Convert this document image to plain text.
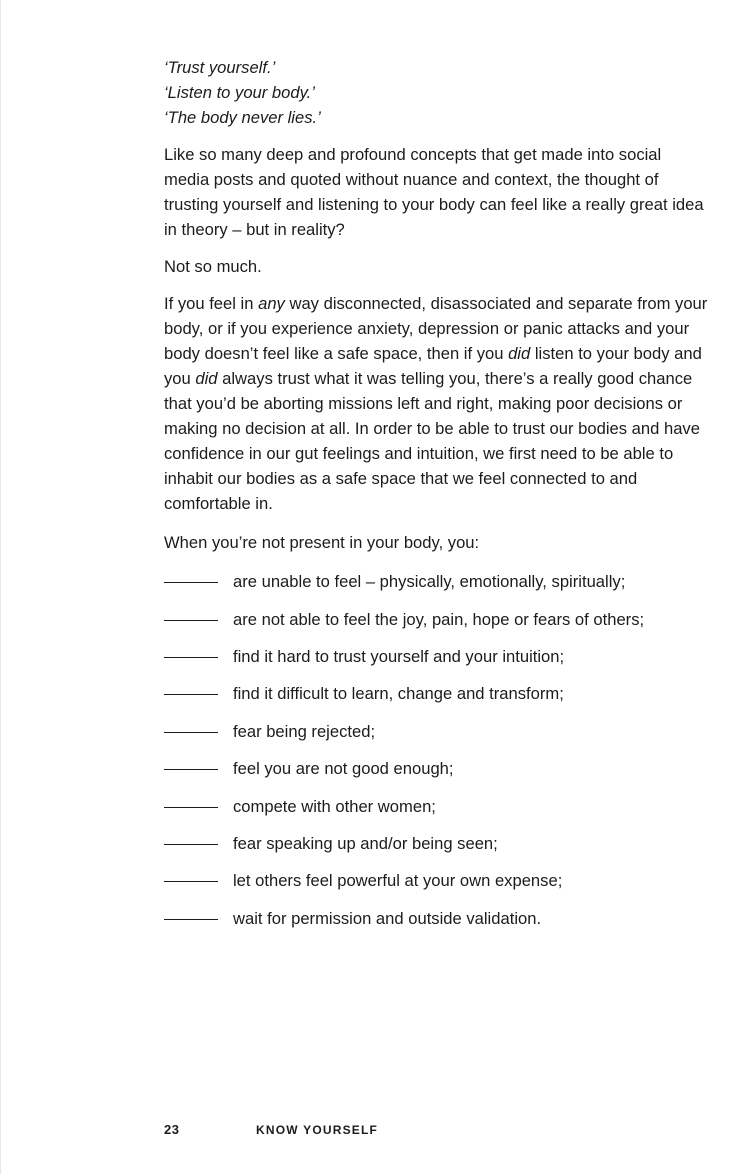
‘Trust yourself.’
‘Listen to your body.’
‘The body never lies.’

Like so many deep and profound concepts that get made into social media posts and quoted without nuance and context, the thought of trusting yourself and listening to your body can feel like a really great idea in theory – but in reality?

Not so much.

If you feel in any way disconnected, disassociated and separate from your body, or if you experience anxiety, depression or panic attacks and your body doesn’t feel like a safe space, then if you did listen to your body and you did always trust what it was telling you, there’s a really good chance that you’d be aborting missions left and right, making poor decisions or making no decision at all. In order to be able to trust our bodies and have confidence in our gut feelings and intuition, we first need to be able to inhabit our bodies as a safe space that we feel connected to and comfortable in.

When you’re not present in your body, you:
are unable to feel – physically, emotionally, spiritually;
are not able to feel the joy, pain, hope or fears of others;
find it hard to trust yourself and your intuition;
find it difficult to learn, change and transform;
fear being rejected;
feel you are not good enough;
compete with other women;
fear speaking up and/or being seen;
let others feel powerful at your own expense;
wait for permission and outside validation.
23	KNOW YOURSELF
